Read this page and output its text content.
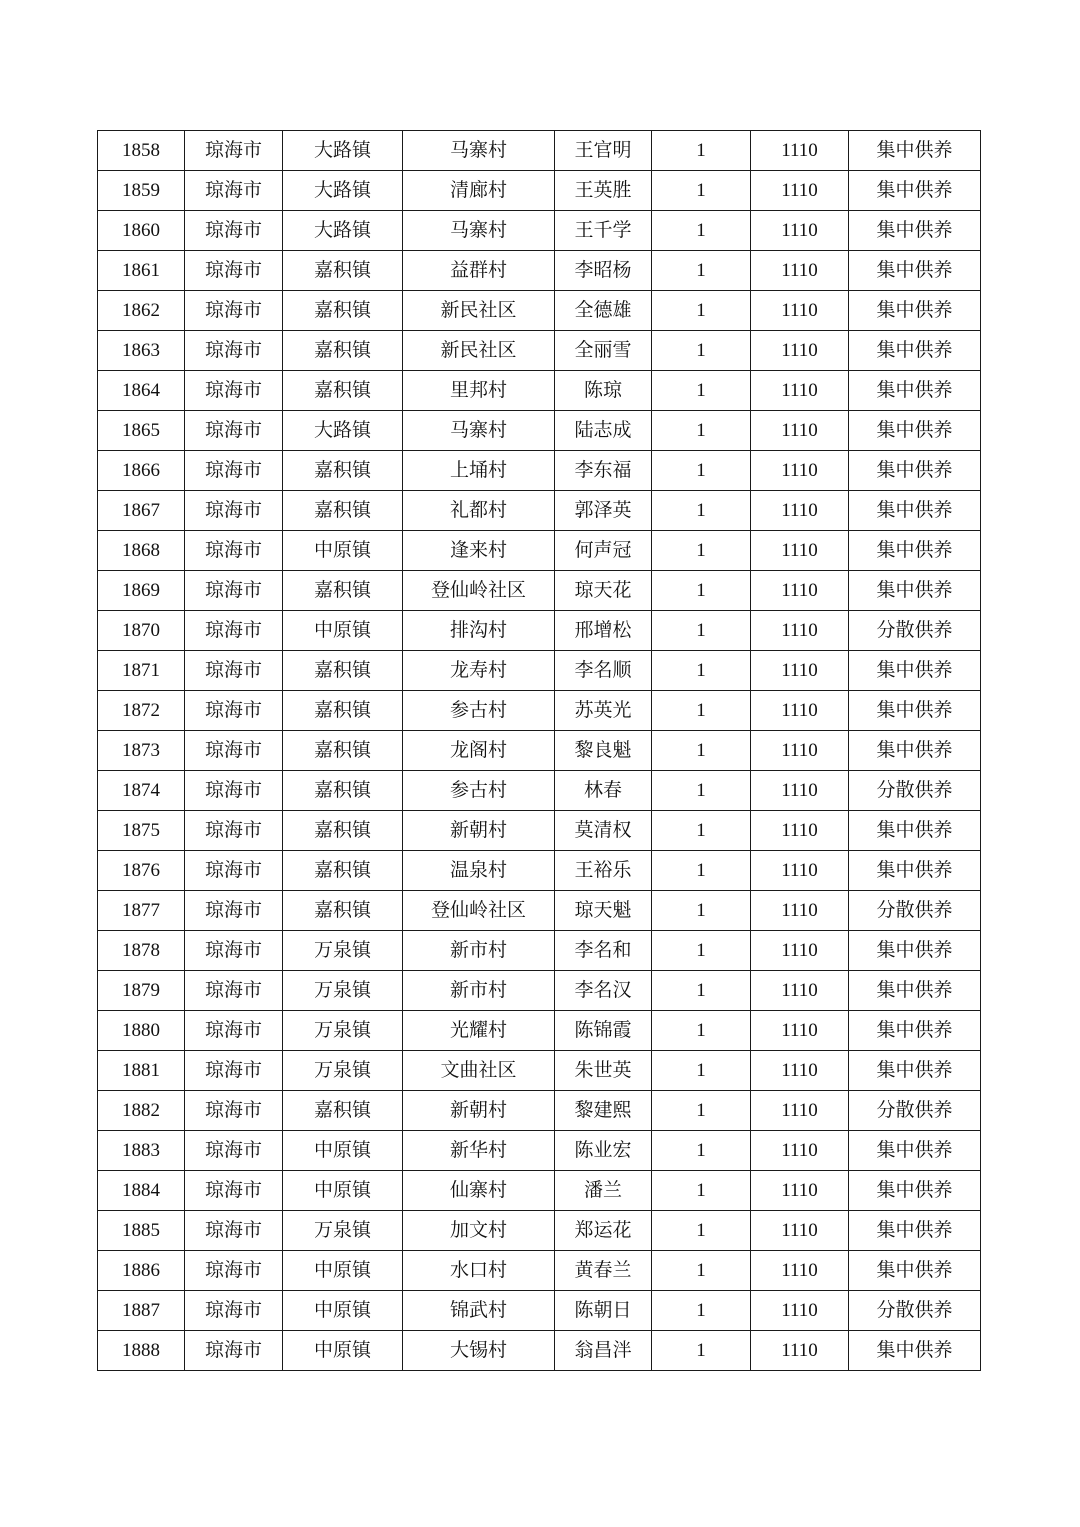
1858	琼海市	大路镇	马寨村	王官明	1	1110	集中供养
1859	琼海市	大路镇	清廊村	王英胜	1	1110	集中供养
1860	琼海市	大路镇	马寨村	王千学	1	1110	集中供养
1861	琼海市	嘉积镇	益群村	李昭杨	1	1110	集中供养
1862	琼海市	嘉积镇	新民社区	全德雄	1	1110	集中供养
1863	琼海市	嘉积镇	新民社区	全丽雪	1	1110	集中供养
1864	琼海市	嘉积镇	里邦村	陈琼	1	1110	集中供养
1865	琼海市	大路镇	马寨村	陆志成	1	1110	集中供养
1866	琼海市	嘉积镇	上埇村	李东福	1	1110	集中供养
1867	琼海市	嘉积镇	礼都村	郭泽英	1	1110	集中供养
1868	琼海市	中原镇	逢来村	何声冠	1	1110	集中供养
1869	琼海市	嘉积镇	登仙岭社区	琼天花	1	1110	集中供养
1870	琼海市	中原镇	排沟村	邢增松	1	1110	分散供养
1871	琼海市	嘉积镇	龙寿村	李名顺	1	1110	集中供养
1872	琼海市	嘉积镇	参古村	苏英光	1	1110	集中供养
1873	琼海市	嘉积镇	龙阁村	黎良魁	1	1110	集中供养
1874	琼海市	嘉积镇	参古村	林春	1	1110	分散供养
1875	琼海市	嘉积镇	新朝村	莫清权	1	1110	集中供养
1876	琼海市	嘉积镇	温泉村	王裕乐	1	1110	集中供养
1877	琼海市	嘉积镇	登仙岭社区	琼天魁	1	1110	分散供养
1878	琼海市	万泉镇	新市村	李名和	1	1110	集中供养
1879	琼海市	万泉镇	新市村	李名汉	1	1110	集中供养
1880	琼海市	万泉镇	光耀村	陈锦霞	1	1110	集中供养
1881	琼海市	万泉镇	文曲社区	朱世英	1	1110	集中供养
1882	琼海市	嘉积镇	新朝村	黎建熙	1	1110	分散供养
1883	琼海市	中原镇	新华村	陈业宏	1	1110	集中供养
1884	琼海市	中原镇	仙寨村	潘兰	1	1110	集中供养
1885	琼海市	万泉镇	加文村	郑运花	1	1110	集中供养
1886	琼海市	中原镇	水口村	黄春兰	1	1110	集中供养
1887	琼海市	中原镇	锦武村	陈朝日	1	1110	分散供养
1888	琼海市	中原镇	大锡村	翁昌泮	1	1110	集中供养
